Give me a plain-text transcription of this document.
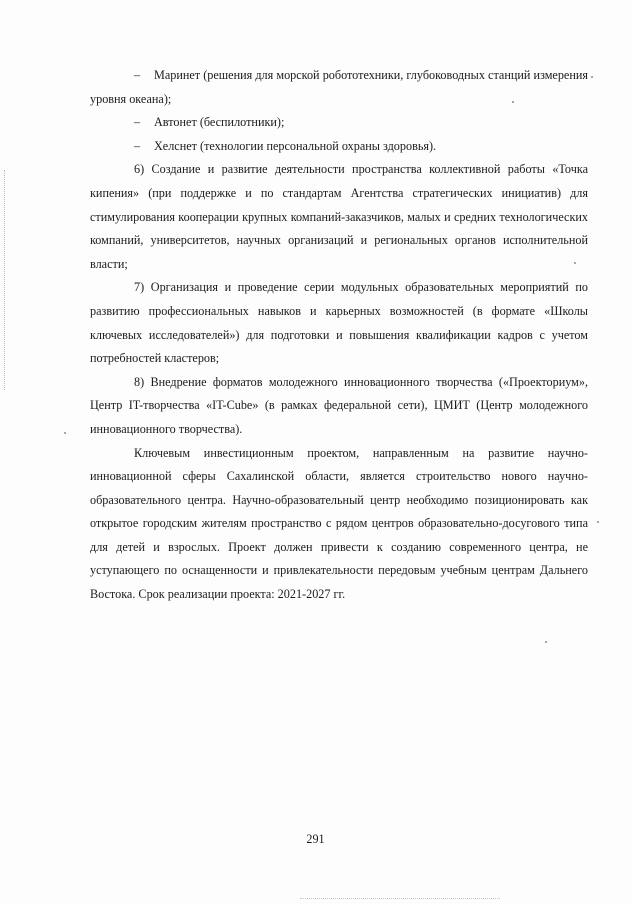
– Маринет (решения для морской робототехники, глубоководных станций измерения уровня океана);

– Автонет (беспилотники);

– Хелснет (технологии персональной охраны здоровья).

6) Создание и развитие деятельности пространства коллективной работы «Точка кипения» (при поддержке и по стандартам Агентства стратегических инициатив) для стимулирования кооперации крупных компаний-заказчиков, малых и средних технологических компаний, университетов, научных организаций и региональных органов исполнительной власти;

7) Организация и проведение серии модульных образовательных мероприятий по развитию профессиональных навыков и карьерных возможностей (в формате «Школы ключевых исследователей») для подготовки и повышения квалификации кадров с учетом потребностей кластеров;

8) Внедрение форматов молодежного инновационного творчества («Проекториум», Центр IT-творчества «IT-Cube» (в рамках федеральной сети), ЦМИТ (Центр молодежного инновационного творчества).

Ключевым инвестиционным проектом, направленным на развитие научно-инновационной сферы Сахалинской области, является строительство нового научно-образовательного центра. Научно-образовательный центр необходимо позиционировать как открытое городским жителям пространство с рядом центров образовательно-досугового типа для детей и взрослых. Проект должен привести к созданию современного центра, не уступающего по оснащенности и привлекательности передовым учебным центрам Дальнего Востока. Срок реализации проекта: 2021-2027 гг.

291
